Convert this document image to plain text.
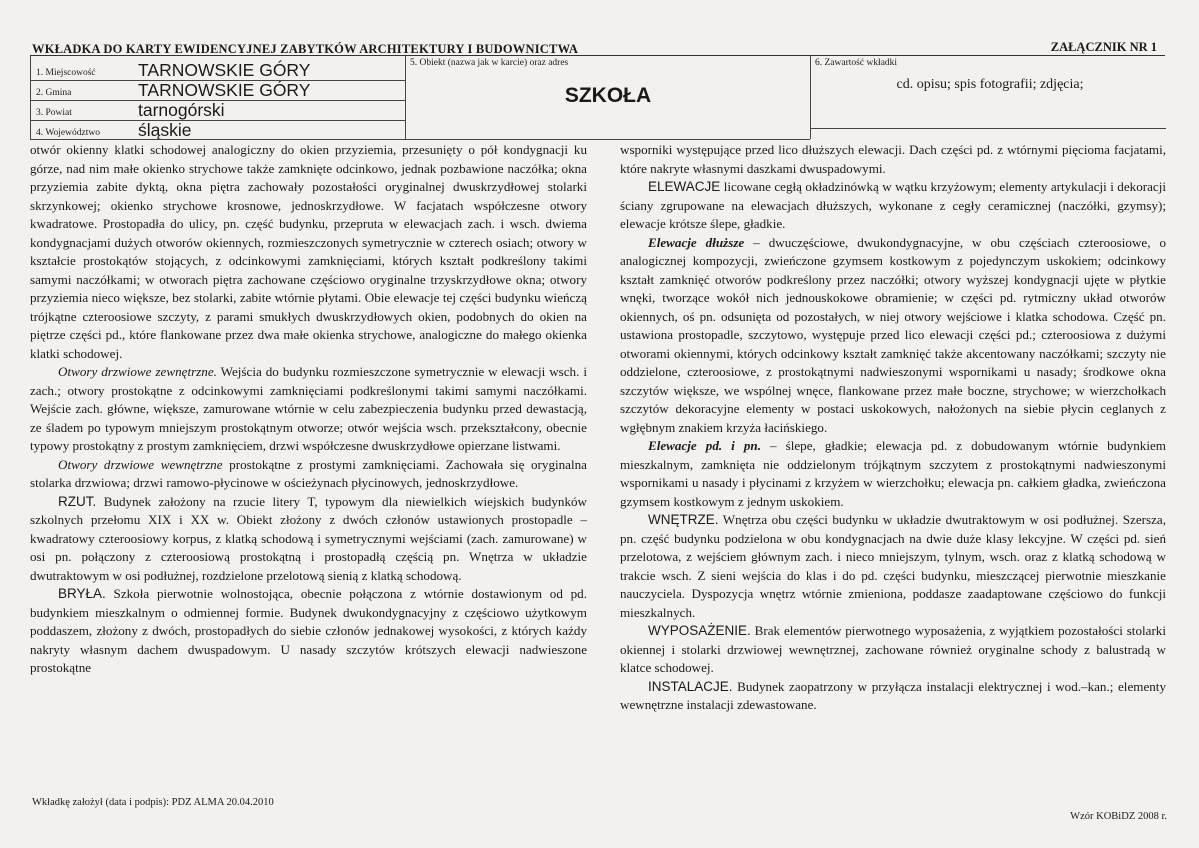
WKŁADKA DO KARTY EWIDENCYJNEJ ZABYTKÓW ARCHITEKTURY I BUDOWNICTWA	ZAŁĄCZNIK NR 1
1. Miejscowość TARNOWSKIE GÓRY
2. Gmina	TARNOWSKIE GÓRY
3. Powiat	tarnogórski
4. Województwo śląskie
5. Obiekt (nazwa jak w karcie) oraz adres
SZKOŁA
6. Zawartość wkładki
cd. opisu; spis fotografii; zdjęcia;

otwór okienny klatki schodowej analogiczny do okien przyziemia, przesunięty o pół kondygnacji ku górze, nad nim małe okienko strychowe także zamknięte odcinkowo, jednak pozbawione naczółka; okna przyziemia zabite dyktą, okna piętra zachowały pozostałości oryginalnej dwuskrzydłowej stolarki skrzynkowej; okienko strychowe krosnowe, jednoskrzydłowe. W facjatach współczesne otwory kwadratowe. Prostopadła do ulicy, pn. część budynku, przepruta w elewacjach zach. i wsch. dwiema kondygnacjami dużych otworów okiennych, rozmieszczonych symetrycznie w czterech osiach; otwory w kształcie prostokątów stojących, z odcinkowymi zamknięciami, których kształt podkreślony takimi samymi naczółkami; w otworach piętra zachowane częściowo oryginalne trzyskrzydłowe okna; otwory przyziemia nieco większe, bez stolarki, zabite wtórnie płytami. Obie elewacje tej części budynku wieńczą trójkątne czteroosiowe szczyty, z parami smukłych dwuskrzydłowych okien, podobnych do okien na piętrze części pd., które flankowane przez dwa małe okienka strychowe, analogiczne do małego okienka klatki schodowej.

Otwory drzwiowe zewnętrzne. Wejścia do budynku rozmieszczone symetrycznie w elewacji wsch. i zach.; otwory prostokątne z odcinkowymi zamknięciami podkreślonymi takimi samymi naczółkami. Wejście zach. główne, większe, zamurowane wtórnie w celu zabezpieczenia budynku przed dewastacją, ze śladem po typowym mniejszym prostokątnym otworze; otwór wejścia wsch. przekształcony, obecnie typowy prostokątny z prostym zamknięciem, drzwi współczesne dwuskrzydłowe opierzane listwami.

Otwory drzwiowe wewnętrzne prostokątne z prostymi zamknięciami. Zachowała się oryginalna stolarka drzwiowa; drzwi ramowo-płycinowe w ościeżynach płycinowych, jednoskrzydłowe.

RZUT. Budynek założony na rzucie litery T, typowym dla niewielkich wiejskich budynków szkolnych przełomu XIX i XX w. Obiekt złożony z dwóch członów ustawionych prostopadle – kwadratowy czteroosiowy korpus, z klatką schodową i symetrycznymi wejściami (zach. zamurowane) w osi pn. połączony z czteroosiową prostokątną i prostopadłą częścią pn. Wnętrza w układzie dwutraktowym w osi podłużnej, rozdzielone przelotową sienią z klatką schodową.

BRYŁA. Szkoła pierwotnie wolnostojąca, obecnie połączona z wtórnie dostawionym od pd. budynkiem mieszkalnym o odmiennej formie. Budynek dwukondygnacyjny z częściowo użytkowym poddaszem, złożony z dwóch, prostopadłych do siebie członów jednakowej wysokości, z których każdy nakryty własnym dachem dwuspadowym. U nasady szczytów krótszych elewacji nadwieszone prostokątne

wsporniki występujące przed lico dłuższych elewacji. Dach części pd. z wtórnymi pięcioma facjatami, które nakryte własnymi daszkami dwuspadowymi.

ELEWACJE licowane cegłą okładzinówką w wątku krzyżowym; elementy artykulacji i dekoracji ściany zgrupowane na elewacjach dłuższych, wykonane z cegły ceramicznej (naczółki, gzymsy); elewacje krótsze ślepe, gładkie.

Elewacje dłuższe – dwuczęściowe, dwukondygnacyjne, w obu częściach czteroosiowe, o analogicznej kompozycji, zwieńczone gzymsem kostkowym z pojedynczym uskokiem; odcinkowy kształt zamknięć otworów podkreślony przez naczółki; otwory wyższej kondygnacji ujęte w płytkie wnęki, tworzące wokół nich jednouskokowe obramienie; w części pd. rytmiczny układ otworów okiennych, oś pn. odsunięta od pozostałych, w niej otwory wejściowe i klatka schodowa. Część pn. ustawiona prostopadle, szczytowo, występuje przed lico elewacji części pd.; czteroosiowa z dużymi otworami okiennymi, których odcinkowy kształt zamknięć także akcentowany naczółkami; szczyty nie oddzielone, czteroosiowe, z prostokątnymi nadwieszonymi wspornikami u nasady; środkowe okna szczytów większe, we wspólnej wnęce, flankowane przez małe boczne, strychowe; w wierzchołkach szczytów dekoracyjne elementy w postaci uskokowych, nałożonych na siebie płycin ceglanych z wgłębnym znakiem krzyża łacińskiego.

Elewacje pd. i pn. – ślepe, gładkie; elewacja pd. z dobudowanym wtórnie budynkiem mieszkalnym, zamknięta nie oddzielonym trójkątnym szczytem z prostokątnymi nadwieszonymi wspornikami u nasady i płycinami z krzyżem w wierzchołku; elewacja pn. całkiem gładka, zwieńczona gzymsem kostkowym z jednym uskokiem.

WNĘTRZE. Wnętrza obu części budynku w układzie dwutraktowym w osi podłużnej. Szersza, pn. część budynku podzielona w obu kondygnacjach na dwie duże klasy lekcyjne. W części pd. sień przelotowa, z wejściem głównym zach. i nieco mniejszym, tylnym, wsch. oraz z klatką schodową w trakcie wsch. Z sieni wejścia do klas i do pd. części budynku, mieszczącej pierwotnie mieszkanie nauczyciela. Dyspozycja wnętrz wtórnie zmieniona, poddasze zaadaptowane częściowo do funkcji mieszkalnych.

WYPOSAŻENIE. Brak elementów pierwotnego wyposażenia, z wyjątkiem pozostałości stolarki okiennej i stolarki drzwiowej wewnętrznej, zachowane również oryginalne schody z balustradą w klatce schodowej.

INSTALACJE. Budynek zaopatrzony w przyłącza instalacji elektrycznej i wod.–kan.; elementy wewnętrzne instalacji zdewastowane.

Wkładkę założył (data i podpis): PDZ ALMA 20.04.2010
Wzór KOBiDZ 2008 r.
